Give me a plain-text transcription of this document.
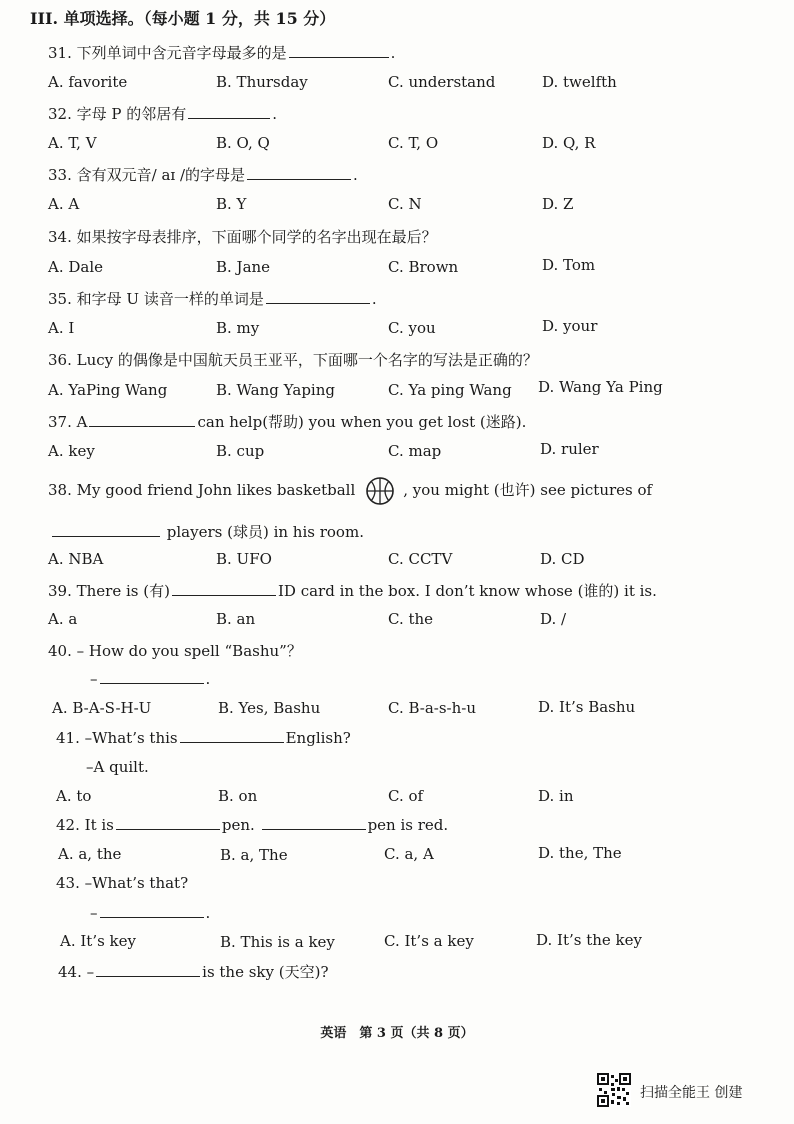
III. 单项选择。（每小题 1 分，共 15 分）
31. 下列单词中含元音字母最多的是	.
A. favorite	B. Thursday	C. understand	D. twelfth
32. 字母 P 的邻居有	.
A. T, V	B. O, Q	C. T, O	D. Q, R
33. 含有双元音/ aɪ /的字母是	.
A. A	B. Y	C. N	D. Z
34. 如果按字母表排序，下面哪个同学的名字出现在最后？
A. Dale	B. Jane	C. Brown	D. Tom
35. 和字母 U 读音一样的单词是	.
A. I	B. my	C. you	D. your
36. Lucy 的偶像是中国航天员王亚平，下面哪一个名字的写法是正确的？
A. YaPing Wang	B. Wang Yaping	C. Ya ping Wang D. Wang Ya Ping
37. A	can help(帮助) you when you get lost (迷路).
A. key	B. cup	C. map	D. ruler
38. My good friend John likes basketball	, you might (也许) see pictures of
players (球员) in his room.
A. NBA	B. UFO	C. CCTV	D. CD
39. There is (有)	ID card in the box. I don’t know whose (谁的) it is.
A. a	B. an	C. the	D. /
40. – How do you spell “Bashu”？
–	.
A. B-A-S-H-U	B. Yes, Bashu	C. B-a-s-h-u	D. It’s Bashu
41. –What’s this	English?
–A quilt.
A. to	B. on	C. of	D. in
42. It is	pen.	pen is red.
A. a, the	B. a, The	C. a, A	D. the, The
43. –What’s that?
–	.
A. It’s key	B. This is a key	C. It’s a key	D. It’s the key
44. –	is the sky (天空)?
英语　第 3 页（共 8 页）
扫描全能王 创建
